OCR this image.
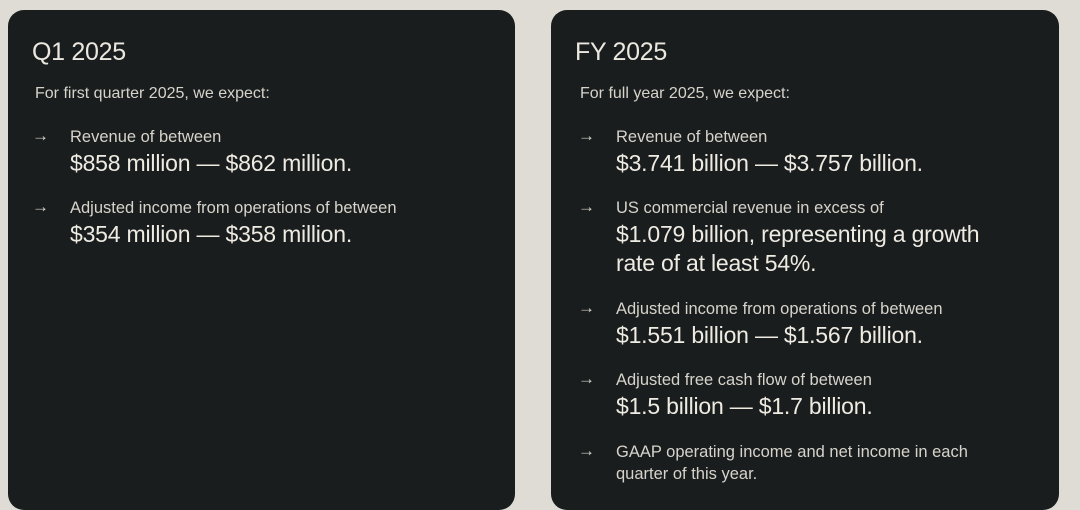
Q1 2025

For first quarter 2025, we expect:

→ Revenue of between
$858 million — $862 million.
→ Adjusted income from operations of between
$354 million — $358 million.
FY 2025

For full year 2025, we expect:

→ Revenue of between
$3.741 billion — $3.757 billion.
→ US commercial revenue in excess of
$1.079 billion, representing a growth rate of at least 54%.
→ Adjusted income from operations of between
$1.551 billion — $1.567 billion.
→ Adjusted free cash flow of between
$1.5 billion — $1.7 billion.
→ GAAP operating income and net income in each quarter of this year.
